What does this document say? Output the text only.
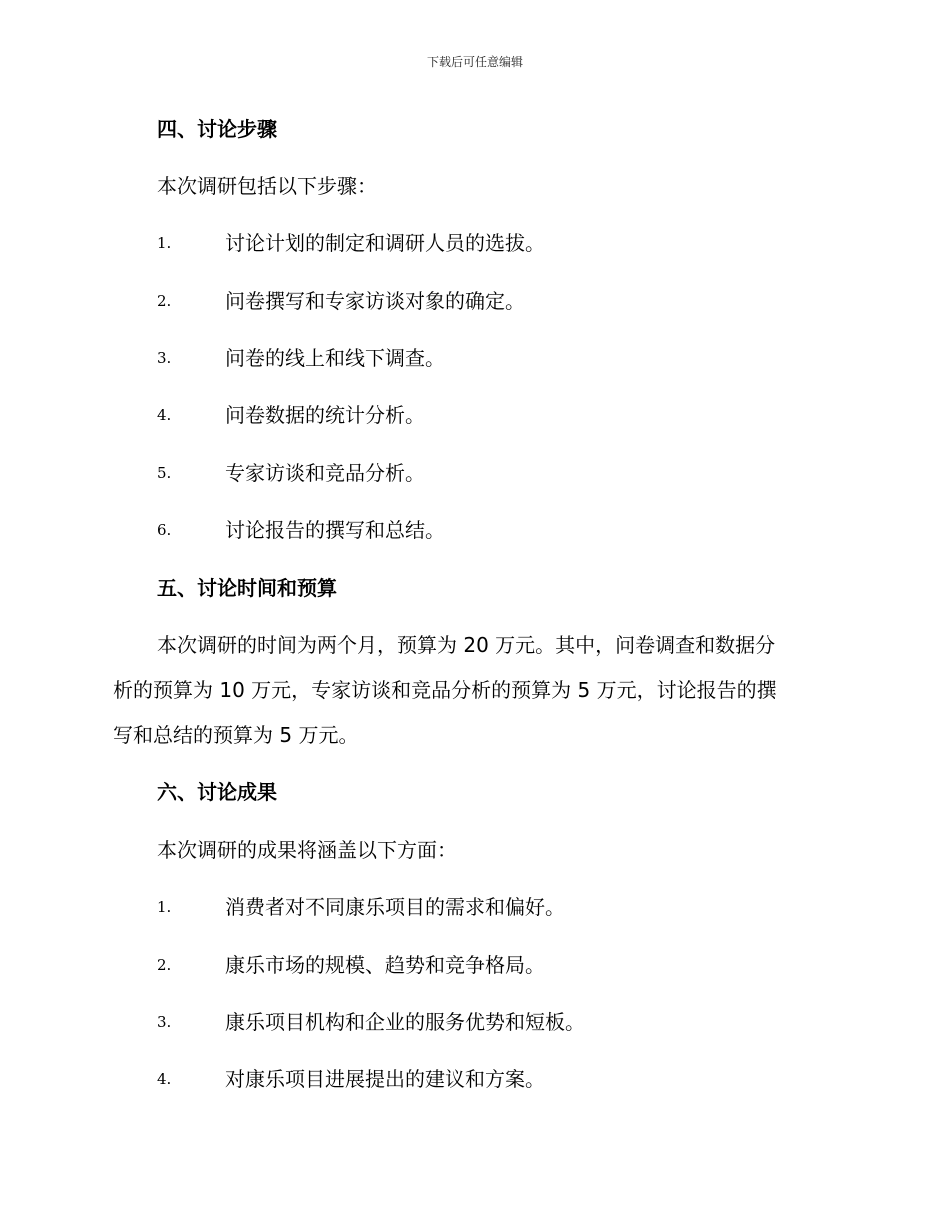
下载后可任意编辑
四、讨论步骤
本次调研包括以下步骤：
1.	讨论计划的制定和调研人员的选拔。
2.	问卷撰写和专家访谈对象的确定。
3.	问卷的线上和线下调查。
4.	问卷数据的统计分析。
5.	专家访谈和竞品分析。
6.	讨论报告的撰写和总结。
五、讨论时间和预算
本次调研的时间为两个月，预算为 20 万元。其中，问卷调查和数据分
析的预算为 10 万元，专家访谈和竞品分析的预算为 5 万元，讨论报告的撰
写和总结的预算为 5 万元。
六、讨论成果
本次调研的成果将涵盖以下方面：
1.	消费者对不同康乐项目的需求和偏好。
2.	康乐市场的规模、趋势和竞争格局。
3.	康乐项目机构和企业的服务优势和短板。
4.	对康乐项目进展提出的建议和方案。
